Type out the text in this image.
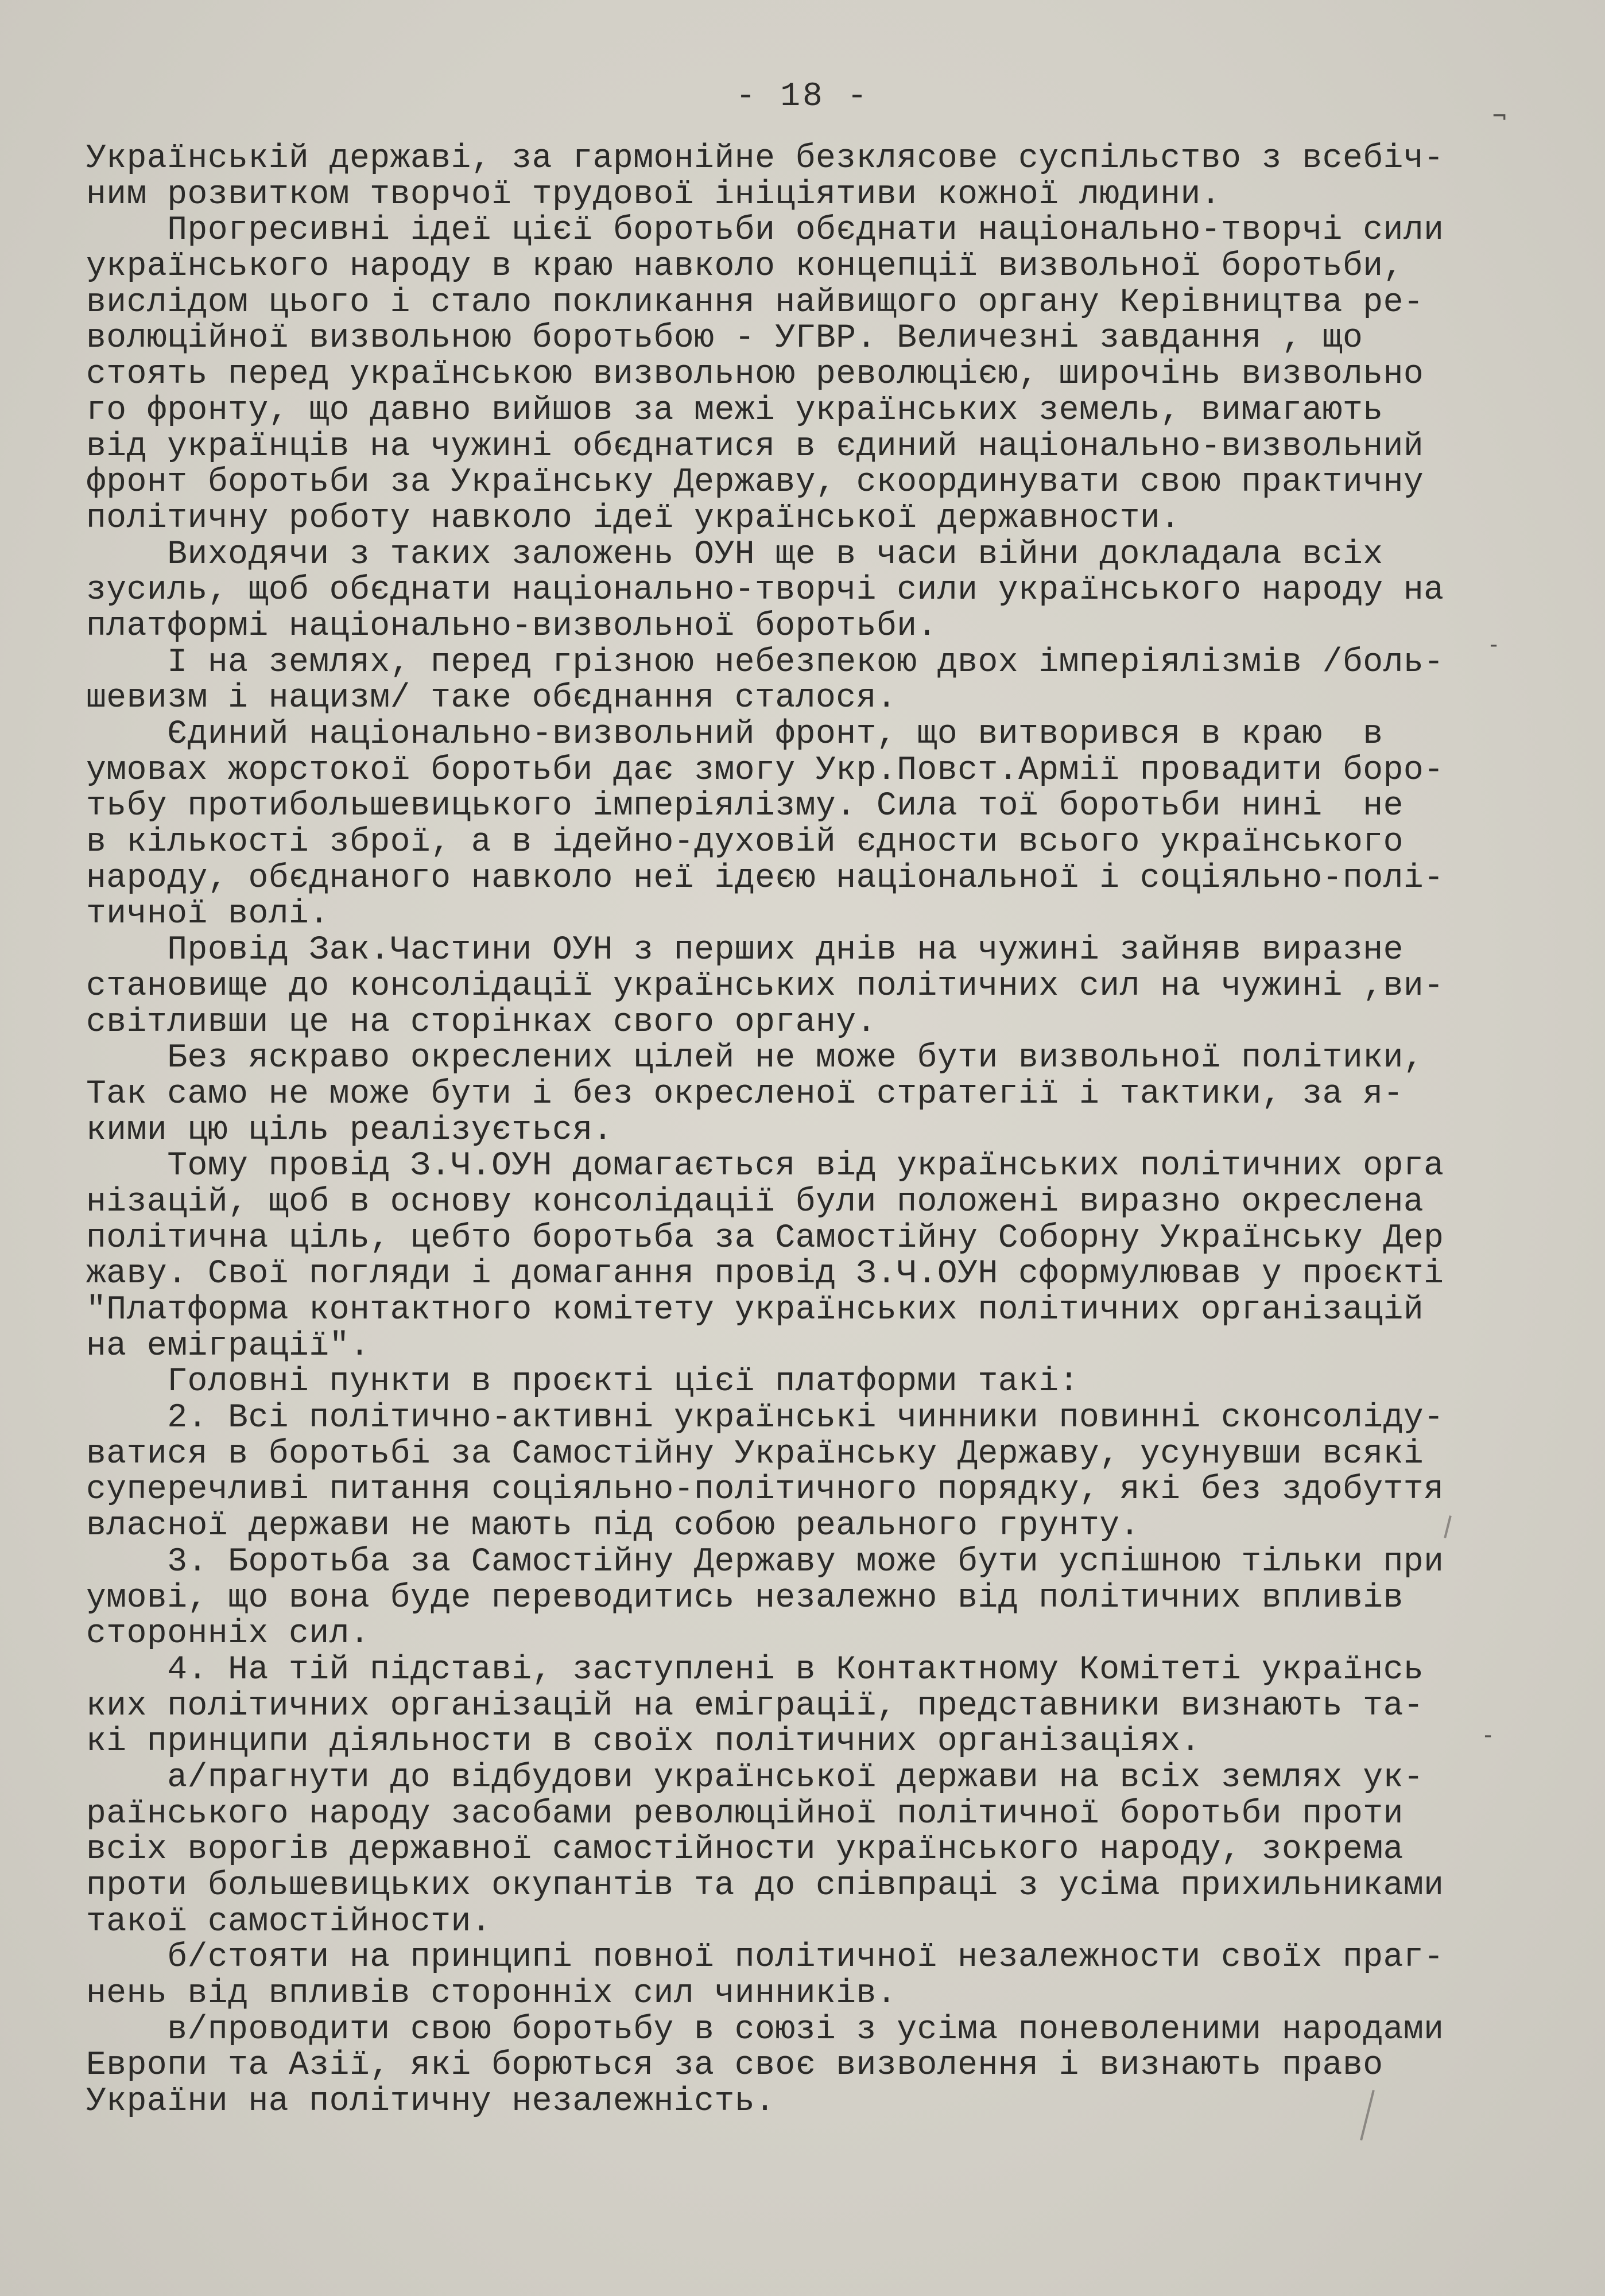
- 18 -
Українській державі, за гармонійне безклясове суспільство з всебіч-
ним розвитком творчої трудової ініціятиви кожної людини.
Прогресивні ідеї цієї боротьби обєднати національно-творчі сили
українського народу в краю навколо концепції визвольної боротьби,
вислідом цього і стало покликання найвищого органу Керівництва ре-
волюційної визвольною боротьбою - УГВР. Величезні завдання , що
стоять перед українською визвольною революцією, широчінь визвольно
го фронту, що давно вийшов за межі українських земель, вимагають
від українців на чужині обєднатися в єдиний національно-визвольний
фронт боротьби за Українську Державу, скоординувати свою практичну
політичну роботу навколо ідеї української державности.
Виходячи з таких заложень ОУН ще в часи війни докладала всіх
зусиль, щоб обєднати національно-творчі сили українського народу на
платформі національно-визвольної боротьби.
І на землях, перед грізною небезпекою двох імперіялізмів /боль-
шевизм і нацизм/ таке обєднання сталося.
Єдиний національно-визвольний фронт, що витворився в краю  в
умовах жорстокої боротьби дає змогу Укр.Повст.Армії провадити боро-
тьбу протибольшевицького імперіялізму. Сила тої боротьби нині  не
в кількості зброї, а в ідейно-духовій єдности всього українського
народу, обєднаного навколо неї ідеєю національної і соціяльно-полі-
тичної волі.
Провід Зак.Частини ОУН з перших днів на чужині зайняв виразне
становище до консолідації українських політичних сил на чужині ,ви-
світливши це на сторінках свого органу.
Без яскраво окреслених цілей не може бути визвольної політики,
Так само не може бути і без окресленої стратегії і тактики, за я-
кими цю ціль реалізується.
Тому провід З.Ч.ОУН домагається від українських політичних орга
нізацій, щоб в основу консолідації були положені виразно окреслена
політична ціль, цебто боротьба за Самостійну Соборну Українську Дер
жаву. Свої погляди і домагання провід З.Ч.ОУН сформулював у проєкті
"Платформа контактного комітету українських політичних організацій
на еміграції".
Головні пункти в проєкті цієї платформи такі:
2. Всі політично-активні українські чинники повинні сконсоліду-
ватися в боротьбі за Самостійну Українську Державу, усунувши всякі
суперечливі питання соціяльно-політичного порядку, які без здобуття
власної держави не мають під собою реального грунту.
3. Боротьба за Самостійну Державу може бути успішною тільки при
умові, що вона буде переводитись незалежно від політичних впливів
сторонніх сил.
4. На тій підставі, заступлені в Контактному Комітеті українсь
ких політичних організацій на еміграції, представники визнають та-
кі принципи діяльности в своїх політичних організаціях.
а/прагнути до відбудови української держави на всіх землях ук-
раїнського народу засобами революційної політичної боротьби проти
всіх ворогів державної самостійности українського народу, зокрема
проти большевицьких окупантів та до співпраці з усіма прихильниками
такої самостійности.
б/стояти на принципі повної політичної незалежности своїх праг-
нень від впливів сторонніх сил чинників.
в/проводити свою боротьбу в союзі з усіма поневоленими народами
Европи та Азії, які борються за своє визволення і визнають право
України на політичну незалежність.
¬
-
-
